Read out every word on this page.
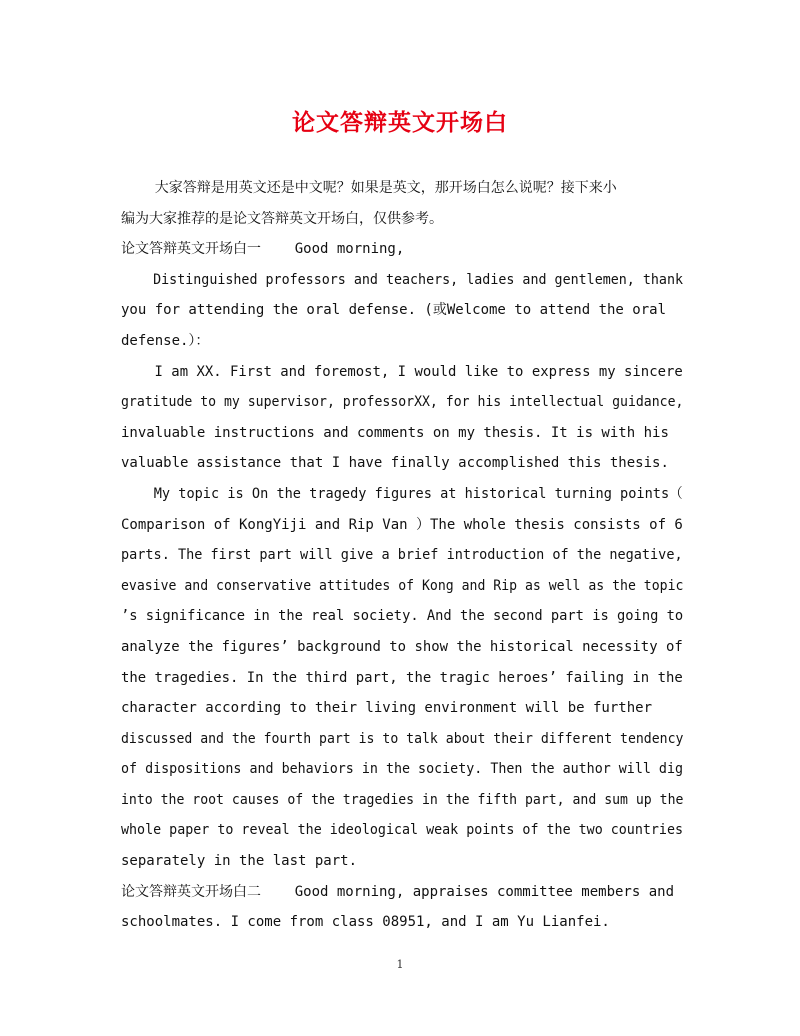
论文答辩英文开场白
大家答辩是用英文还是中文呢？如果是英文，那开场白怎么说呢？接下来小
编为大家推荐的是论文答辩英文开场白，仅供参考。
论文答辩英文开场白一    Good morning,
Distinguished professors and teachers, ladies and gentlemen, thank
you for attending the oral defense. (或Welcome to attend the oral
defense.）：
I am XX. First and foremost, I would like to express my sincere
gratitude to my supervisor, professorXX, for his intellectual guidance,
invaluable instructions and comments on my thesis. It is with his
valuable assistance that I have finally accomplished this thesis.
My topic is On the tragedy figures at historical turning points（
Comparison of KongYiji and Rip Van ）The whole thesis consists of 6
parts. The first part will give a brief introduction of the negative,
evasive and conservative attitudes of Kong and Rip as well as the topic
’s significance in the real society. And the second part is going to
analyze the figures’ background to show the historical necessity of
the tragedies. In the third part, the tragic heroes’ failing in the
character according to their living environment will be further
discussed and the fourth part is to talk about their different tendency
of dispositions and behaviors in the society. Then the author will dig
into the root causes of the tragedies in the fifth part, and sum up the
whole paper to reveal the ideological weak points of the two countries
separately in the last part.
论文答辩英文开场白二    Good morning, appraises committee members and
schoolmates. I come from class 08951, and I am Yu Lianfei.
1
